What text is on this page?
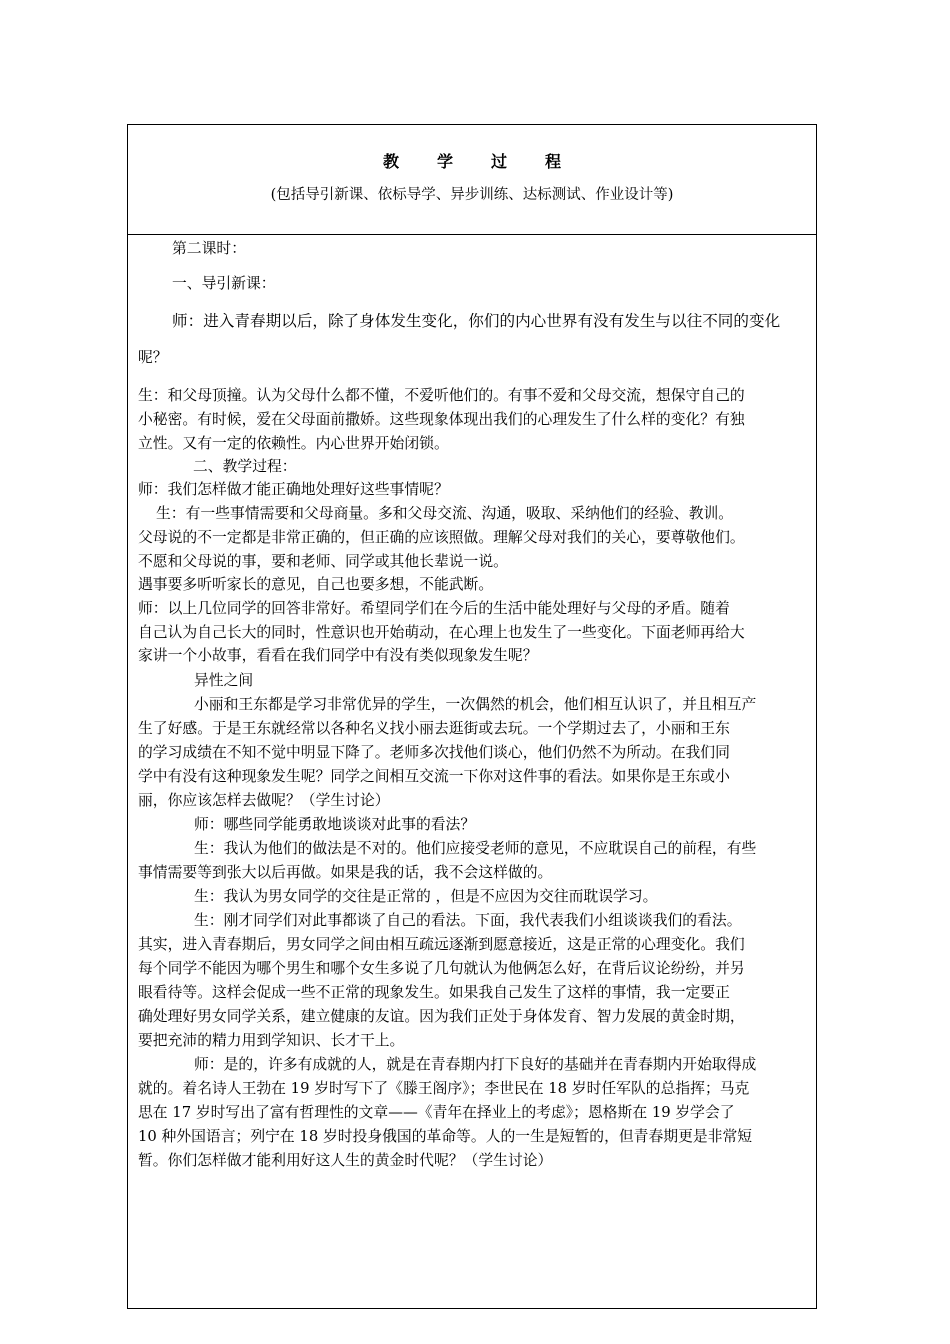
教学过程
(包括导引新课、依标导学、异步训练、达标测试、作业设计等)
第二课时：
一、导引新课：
师：进入青春期以后，除了身体发生变化，你们的内心世界有没有发生与以往不同的变化
呢？
生：和父母顶撞。认为父母什么都不懂，不爱听他们的。有事不爱和父母交流，想保守自己的
小秘密。有时候，爱在父母面前撒娇。这些现象体现出我们的心理发生了什么样的变化？有独
立性。又有一定的依赖性。内心世界开始闭锁。
二、教学过程：
师：我们怎样做才能正确地处理好这些事情呢？
生：有一些事情需要和父母商量。多和父母交流、沟通，吸取、采纳他们的经验、教训。
父母说的不一定都是非常正确的，但正确的应该照做。理解父母对我们的关心，要尊敬他们。
不愿和父母说的事，要和老师、同学或其他长辈说一说。
遇事要多听听家长的意见，自己也要多想，不能武断。
师：以上几位同学的回答非常好。希望同学们在今后的生活中能处理好与父母的矛盾。随着
自己认为自己长大的同时，性意识也开始萌动，在心理上也发生了一些变化。下面老师再给大
家讲一个小故事，看看在我们同学中有没有类似现象发生呢？
异性之间
小丽和王东都是学习非常优异的学生，一次偶然的机会，他们相互认识了，并且相互产
生了好感。于是王东就经常以各种名义找小丽去逛街或去玩。一个学期过去了，小丽和王东
的学习成绩在不知不觉中明显下降了。老师多次找他们谈心，他们仍然不为所动。在我们同
学中有没有这种现象发生呢？同学之间相互交流一下你对这件事的看法。如果你是王东或小
丽，你应该怎样去做呢？（学生讨论）
师：哪些同学能勇敢地谈谈对此事的看法？
生：我认为他们的做法是不对的。他们应接受老师的意见，不应耽误自己的前程，有些
事情需要等到张大以后再做。如果是我的话，我不会这样做的。
生：我认为男女同学的交往是正常的 ，但是不应因为交往而耽误学习。
生：刚才同学们对此事都谈了自己的看法。下面，我代表我们小组谈谈我们的看法。
其实，进入青春期后，男女同学之间由相互疏远逐渐到愿意接近，这是正常的心理变化。我们
每个同学不能因为哪个男生和哪个女生多说了几句就认为他俩怎么好，在背后议论纷纷，并另
眼看待等。这样会促成一些不正常的现象发生。如果我自己发生了这样的事情，我一定要正
确处理好男女同学关系，建立健康的友谊。因为我们正处于身体发育、智力发展的黄金时期，
要把充沛的精力用到学知识、长才干上。
师：是的，许多有成就的人，就是在青春期内打下良好的基础并在青春期内开始取得成
就的。着名诗人王勃在 19 岁时写下了《滕王阁序》；李世民在 18 岁时任军队的总指挥；马克
思在 17 岁时写出了富有哲理性的文章——《青年在择业上的考虑》；恩格斯在 19 岁学会了
10 种外国语言；列宁在 18 岁时投身俄国的革命等。人的一生是短暂的，但青春期更是非常短
暂。你们怎样做才能利用好这人生的黄金时代呢？（学生讨论）
